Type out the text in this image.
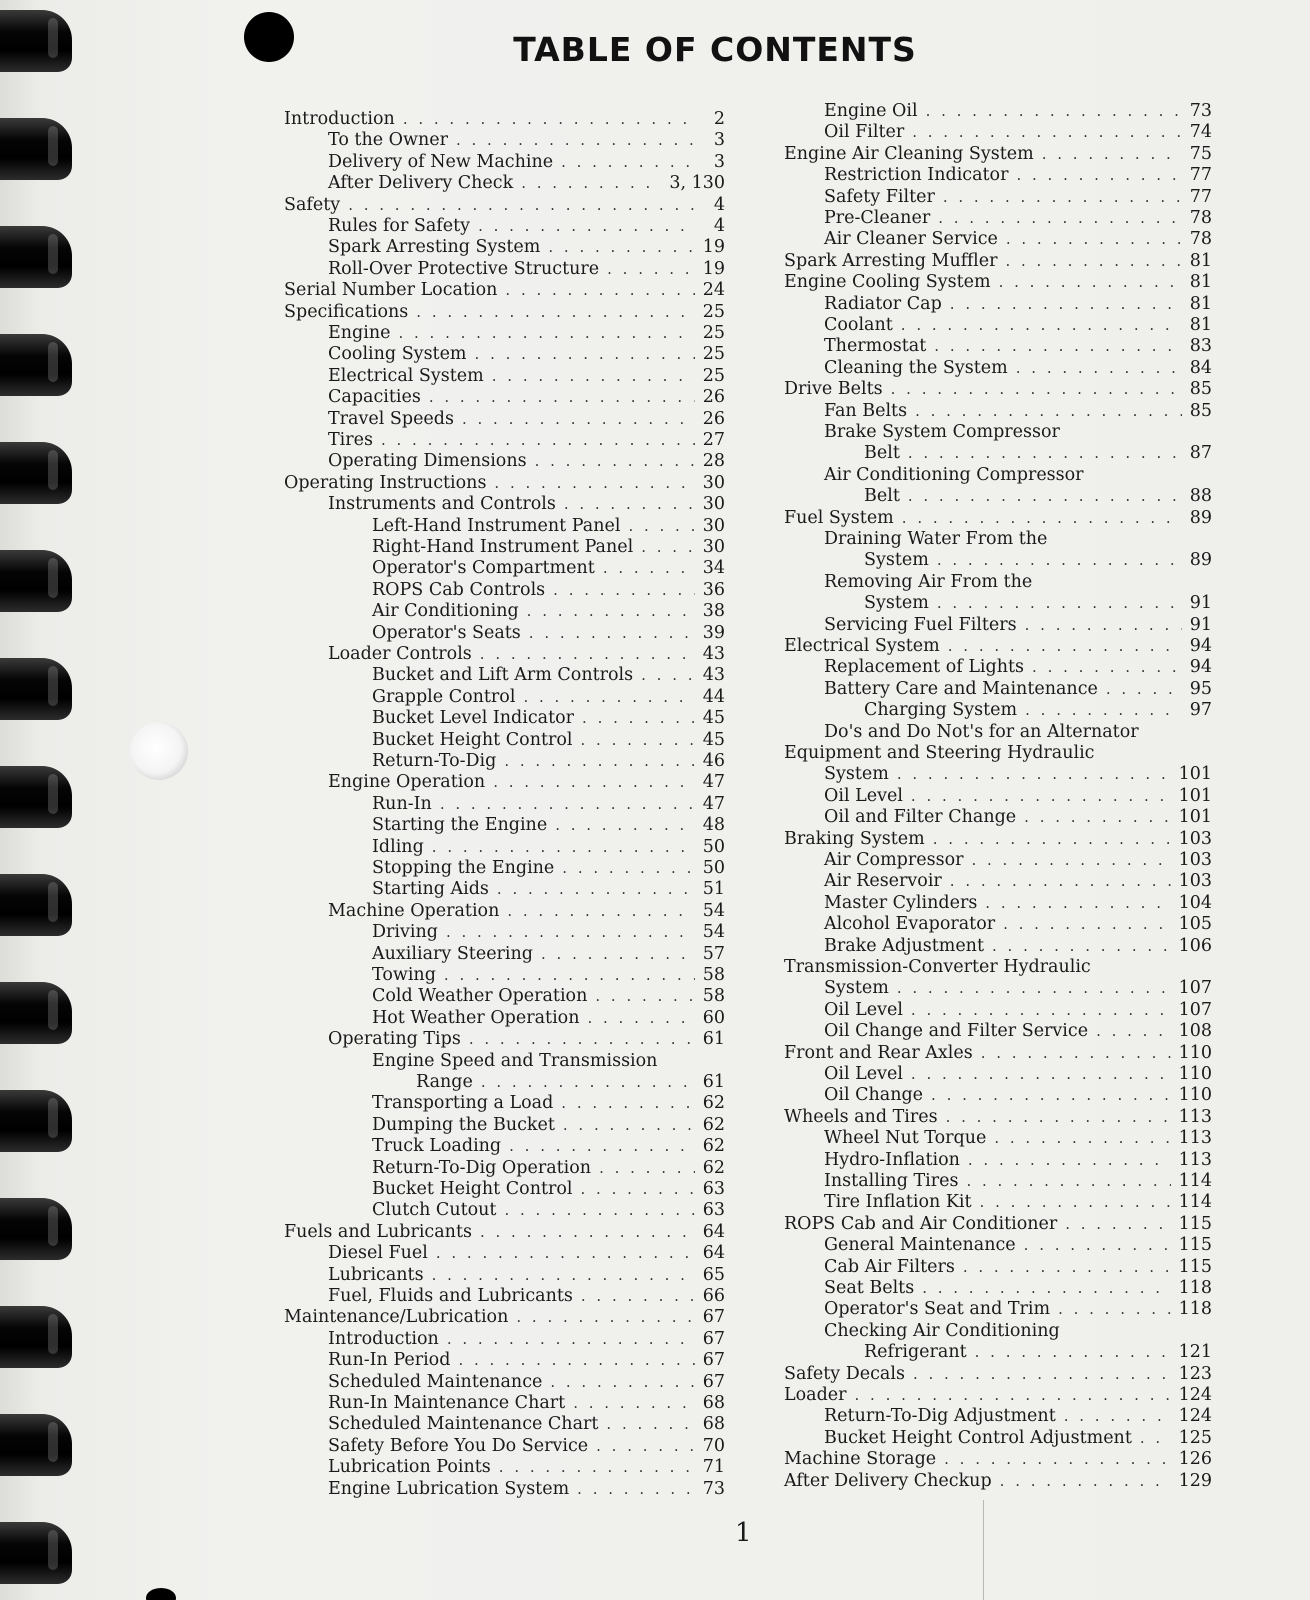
TABLE OF CONTENTS
Introduction . . .	2
To the Owner . . .	3
Delivery of New Machine . . .	3
After Delivery Check . . .	3, 130
Safety . . .	4
Rules for Safety . . .	4
Spark Arresting System . . .	19
Roll-Over Protective Structure . . .	19
Serial Number Location . . .	24
Specifications . . .	25
Engine . . .	25
Cooling System . . .	25
Electrical System . . .	25
Capacities . . .	26
Travel Speeds . . .	26
Tires . . .	27
Operating Dimensions . . .	28
Operating Instructions . . .	30
Instruments and Controls . . .	30
Left-Hand Instrument Panel . . .	30
Right-Hand Instrument Panel . . .	30
Operator's Compartment . . .	34
ROPS Cab Controls . . .	36
Air Conditioning . . .	38
Operator's Seats . . .	39
Loader Controls . . .	43
Bucket and Lift Arm Controls . . .	43
Grapple Control . . .	44
Bucket Level Indicator . . .	45
Bucket Height Control . . .	45
Return-To-Dig . . .	46
Engine Operation . . .	47
Run-In . . .	47
Starting the Engine . . .	48
Idling . . .	50
Stopping the Engine . . .	50
Starting Aids . . .	51
Machine Operation . . .	54
Driving . . .	54
Auxiliary Steering . . .	57
Towing . . .	58
Cold Weather Operation . . .	58
Hot Weather Operation . . .	60
Operating Tips . . .	61
Engine Speed and Transmission
Range . . .	61
Transporting a Load . . .	62
Dumping the Bucket . . .	62
Truck Loading . . .	62
Return-To-Dig Operation . . .	62
Bucket Height Control . . .	63
Clutch Cutout . . .	63
Fuels and Lubricants . . .	64
Diesel Fuel . . .	64
Lubricants . . .	65
Fuel, Fluids and Lubricants . . .	66
Maintenance/Lubrication . . .	67
Introduction . . .	67
Run-In Period . . .	67
Scheduled Maintenance . . .	67
Run-In Maintenance Chart . . .	68
Scheduled Maintenance Chart . . .	68
Safety Before You Do Service . . .	70
Lubrication Points . . .	71
Engine Lubrication System . . .	73
Engine Oil . . .	73
Oil Filter . . .	74
Engine Air Cleaning System . . .	75
Restriction Indicator . . .	77
Safety Filter . . .	77
Pre-Cleaner . . .	78
Air Cleaner Service . . .	78
Spark Arresting Muffler . . .	81
Engine Cooling System . . .	81
Radiator Cap . . .	81
Coolant . . .	81
Thermostat . . .	83
Cleaning the System . . .	84
Drive Belts . . .	85
Fan Belts . . .	85
Brake System Compressor
Belt . . .	87
Air Conditioning Compressor
Belt . . .	88
Fuel System . . .	89
Draining Water From the
System . . .	89
Removing Air From the
System . . .	91
Servicing Fuel Filters . . .	91
Electrical System . . .	94
Replacement of Lights . . .	94
Battery Care and Maintenance . . .	95
Charging System . . .	97
Do's and Do Not's for an Alternator
Equipment and Steering Hydraulic
System . . .	101
Oil Level . . .	101
Oil and Filter Change . . .	101
Braking System . . .	103
Air Compressor . . .	103
Air Reservoir . . .	103
Master Cylinders . . .	104
Alcohol Evaporator . . .	105
Brake Adjustment . . .	106
Transmission-Converter Hydraulic
System . . .	107
Oil Level . . .	107
Oil Change and Filter Service . . .	108
Front and Rear Axles . . .	110
Oil Level . . .	110
Oil Change . . .	110
Wheels and Tires . . .	113
Wheel Nut Torque . . .	113
Hydro-Inflation . . .	113
Installing Tires . . .	114
Tire Inflation Kit . . .	114
ROPS Cab and Air Conditioner . . .	115
General Maintenance . . .	115
Cab Air Filters . . .	115
Seat Belts . . .	118
Operator's Seat and Trim . . .	118
Checking Air Conditioning
Refrigerant . . .	121
Safety Decals . . .	123
Loader . . .	124
Return-To-Dig Adjustment . . .	124
Bucket Height Control Adjustment . . .	125
Machine Storage . . .	126
After Delivery Checkup . . .	129
1
